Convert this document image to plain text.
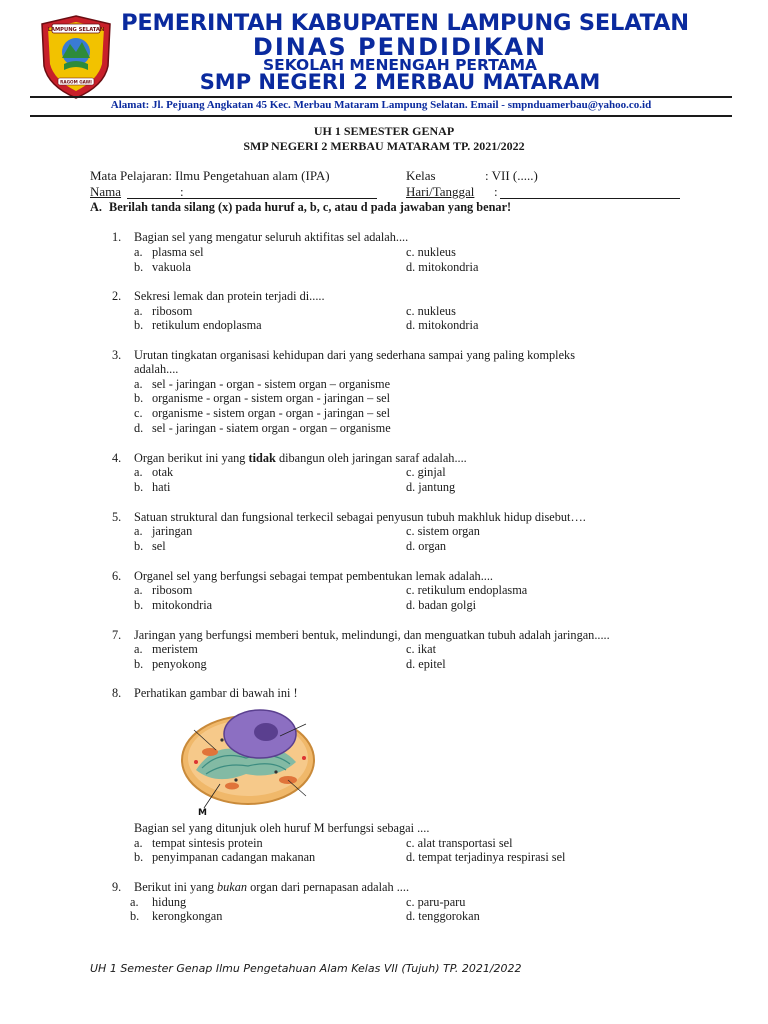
LAMPUNG SELATAN
RAGOM GAWI
PEMERINTAH KABUPATEN LAMPUNG SELATAN
DINAS PENDIDIKAN
SEKOLAH MENENGAH PERTAMA
SMP NEGERI 2 MERBAU MATARAM
Alamat: Jl. Pejuang Angkatan 45 Kec. Merbau Mataram Lampung Selatan. Email - smpnduamerbau@yahoo.co.id
UH 1 SEMESTER GENAP
SMP NEGERI 2 MERBAU MATARAM TP. 2021/2022
Mata Pelajaran: Ilmu Pengetahuan alam (IPA)	Kelas	: VII (.....)
Nama	:	Hari/Tanggal :
A. Berilah tanda silang (x) pada huruf a, b, c, atau d pada jawaban yang benar!
1. Bagian sel yang mengatur seluruh aktifitas sel adalah....
a. plasma sel
b. vakuola
c. nukleus
d. mitokondria
2. Sekresi lemak dan protein terjadi di.....
a. ribosom
b. retikulum endoplasma
c. nukleus
d. mitokondria
3. Urutan tingkatan organisasi kehidupan dari yang sederhana sampai yang paling kompleks
adalah....
a. sel - jaringan - organ - sistem organ – organisme
b. organisme - organ - sistem organ - jaringan – sel
c. organisme - sistem organ - organ - jaringan – sel
d. sel - jaringan - siatem organ - organ – organisme
4. Organ berikut ini yang tidak dibangun oleh jaringan saraf adalah....
a. otak
b. hati
c. ginjal
d. jantung
5. Satuan struktural dan fungsional terkecil sebagai penyusun tubuh makhluk hidup disebut….
a. jaringan
b. sel
c. sistem organ
d. organ
6. Organel sel yang berfungsi sebagai tempat pembentukan lemak adalah....
a. ribosom
b. mitokondria
c. retikulum endoplasma
d. badan golgi
7. Jaringan yang berfungsi memberi bentuk, melindungi, dan menguatkan tubuh adalah jaringan.....
a. meristem
b. penyokong
c. ikat
d. epitel
8. Perhatikan gambar di bawah ini !
M
Bagian sel yang ditunjuk oleh huruf M berfungsi sebagai ....
a. tempat sintesis protein
b. penyimpanan cadangan makanan
c. alat transportasi sel
d. tempat terjadinya respirasi sel
9. Berikut ini yang bukan organ dari pernapasan adalah ....
a. hidung
b. kerongkongan
c. paru-paru
d. tenggorokan
UH 1 Semester Genap Ilmu Pengetahuan Alam Kelas VII (Tujuh) TP. 2021/2022
